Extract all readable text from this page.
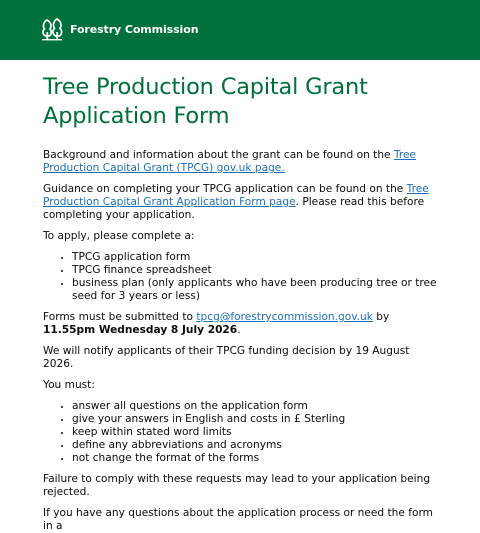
Forestry Commission
Tree Production Capital Grant Application Form

Background and information about the grant can be found on the Tree Production Capital Grant (TPCG) gov.uk page.

Guidance on completing your TPCG application can be found on the Tree Production Capital Grant Application Form page. Please read this before completing your application.

To apply, please complete a:

• TPCG application form
• TPCG finance spreadsheet
• business plan (only applicants who have been producing tree or tree seed for 3 years or less)

Forms must be submitted to tpcg@forestrycommission.gov.uk by 11.55pm Wednesday 8 July 2026.

We will notify applicants of their TPCG funding decision by 19 August 2026.

You must:

• answer all questions on the application form
• give your answers in English and costs in £ Sterling
• keep within stated word limits
• define any abbreviations and acronyms
• not change the format of the forms

Failure to comply with these requests may lead to your application being rejected.

If you have any questions about the application process or need the form in a
